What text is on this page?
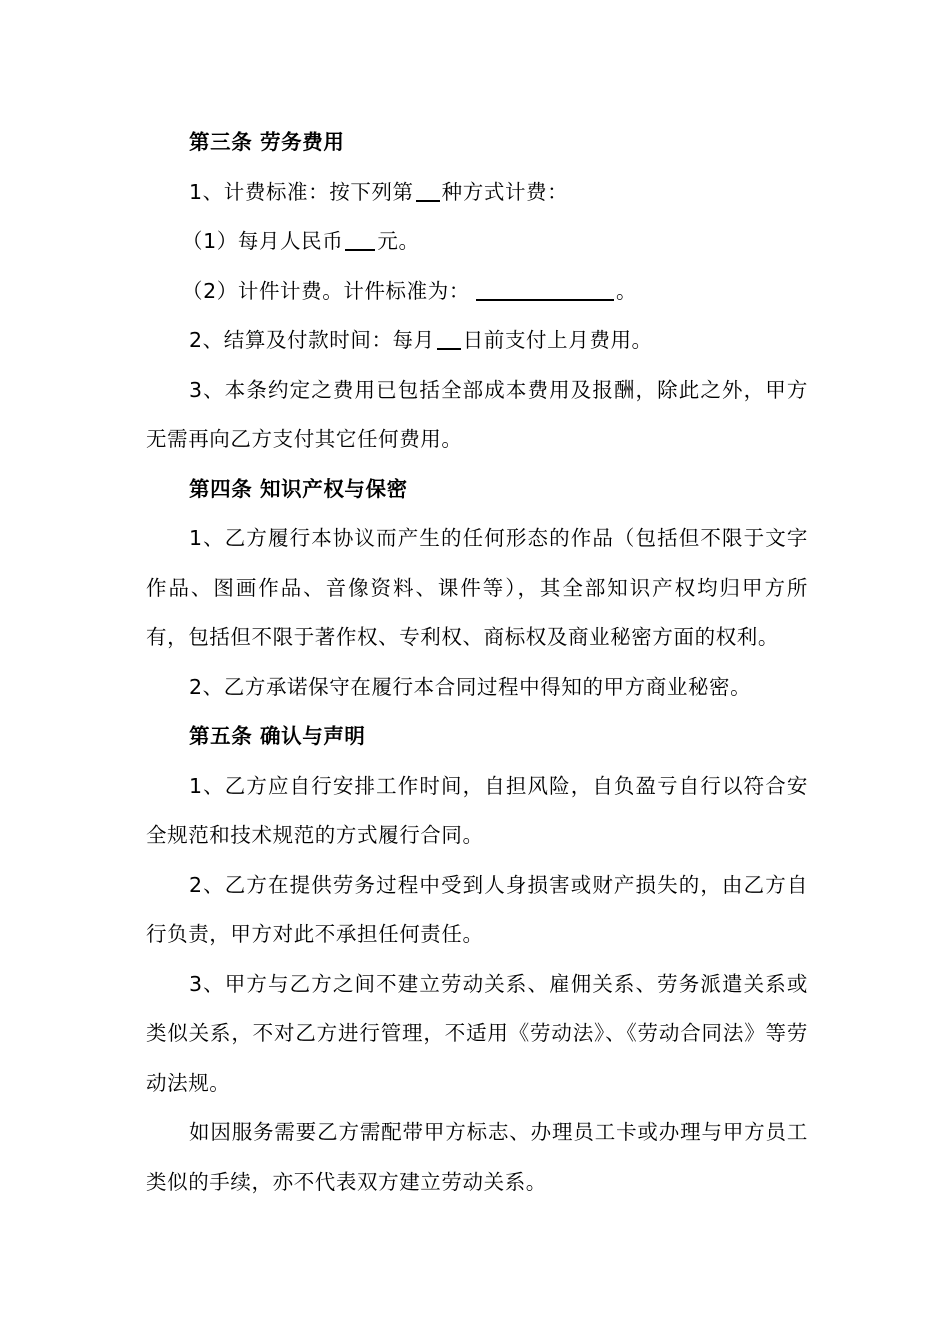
第三条 劳务费用

1、计费标准：按下列第 种方式计费：

（1）每月人民币 元。

（2）计件计费。计件标准为：	。

2、结算及付款时间：每月 日前支付上月费用。

3、本条约定之费用已包括全部成本费用及报酬，除此之外，甲方无需再向乙方支付其它任何费用。

第四条 知识产权与保密

1、乙方履行本协议而产生的任何形态的作品（包括但不限于文字作品、图画作品、音像资料、课件等），其全部知识产权均归甲方所有，包括但不限于著作权、专利权、商标权及商业秘密方面的权利。

2、乙方承诺保守在履行本合同过程中得知的甲方商业秘密。

第五条 确认与声明

1、乙方应自行安排工作时间，自担风险，自负盈亏自行以符合安全规范和技术规范的方式履行合同。

2、乙方在提供劳务过程中受到人身损害或财产损失的，由乙方自行负责，甲方对此不承担任何责任。

3、甲方与乙方之间不建立劳动关系、雇佣关系、劳务派遣关系或类似关系，不对乙方进行管理，不适用《劳动法》、《劳动合同法》等劳动法规。

如因服务需要乙方需配带甲方标志、办理员工卡或办理与甲方员工类似的手续，亦不代表双方建立劳动关系。
